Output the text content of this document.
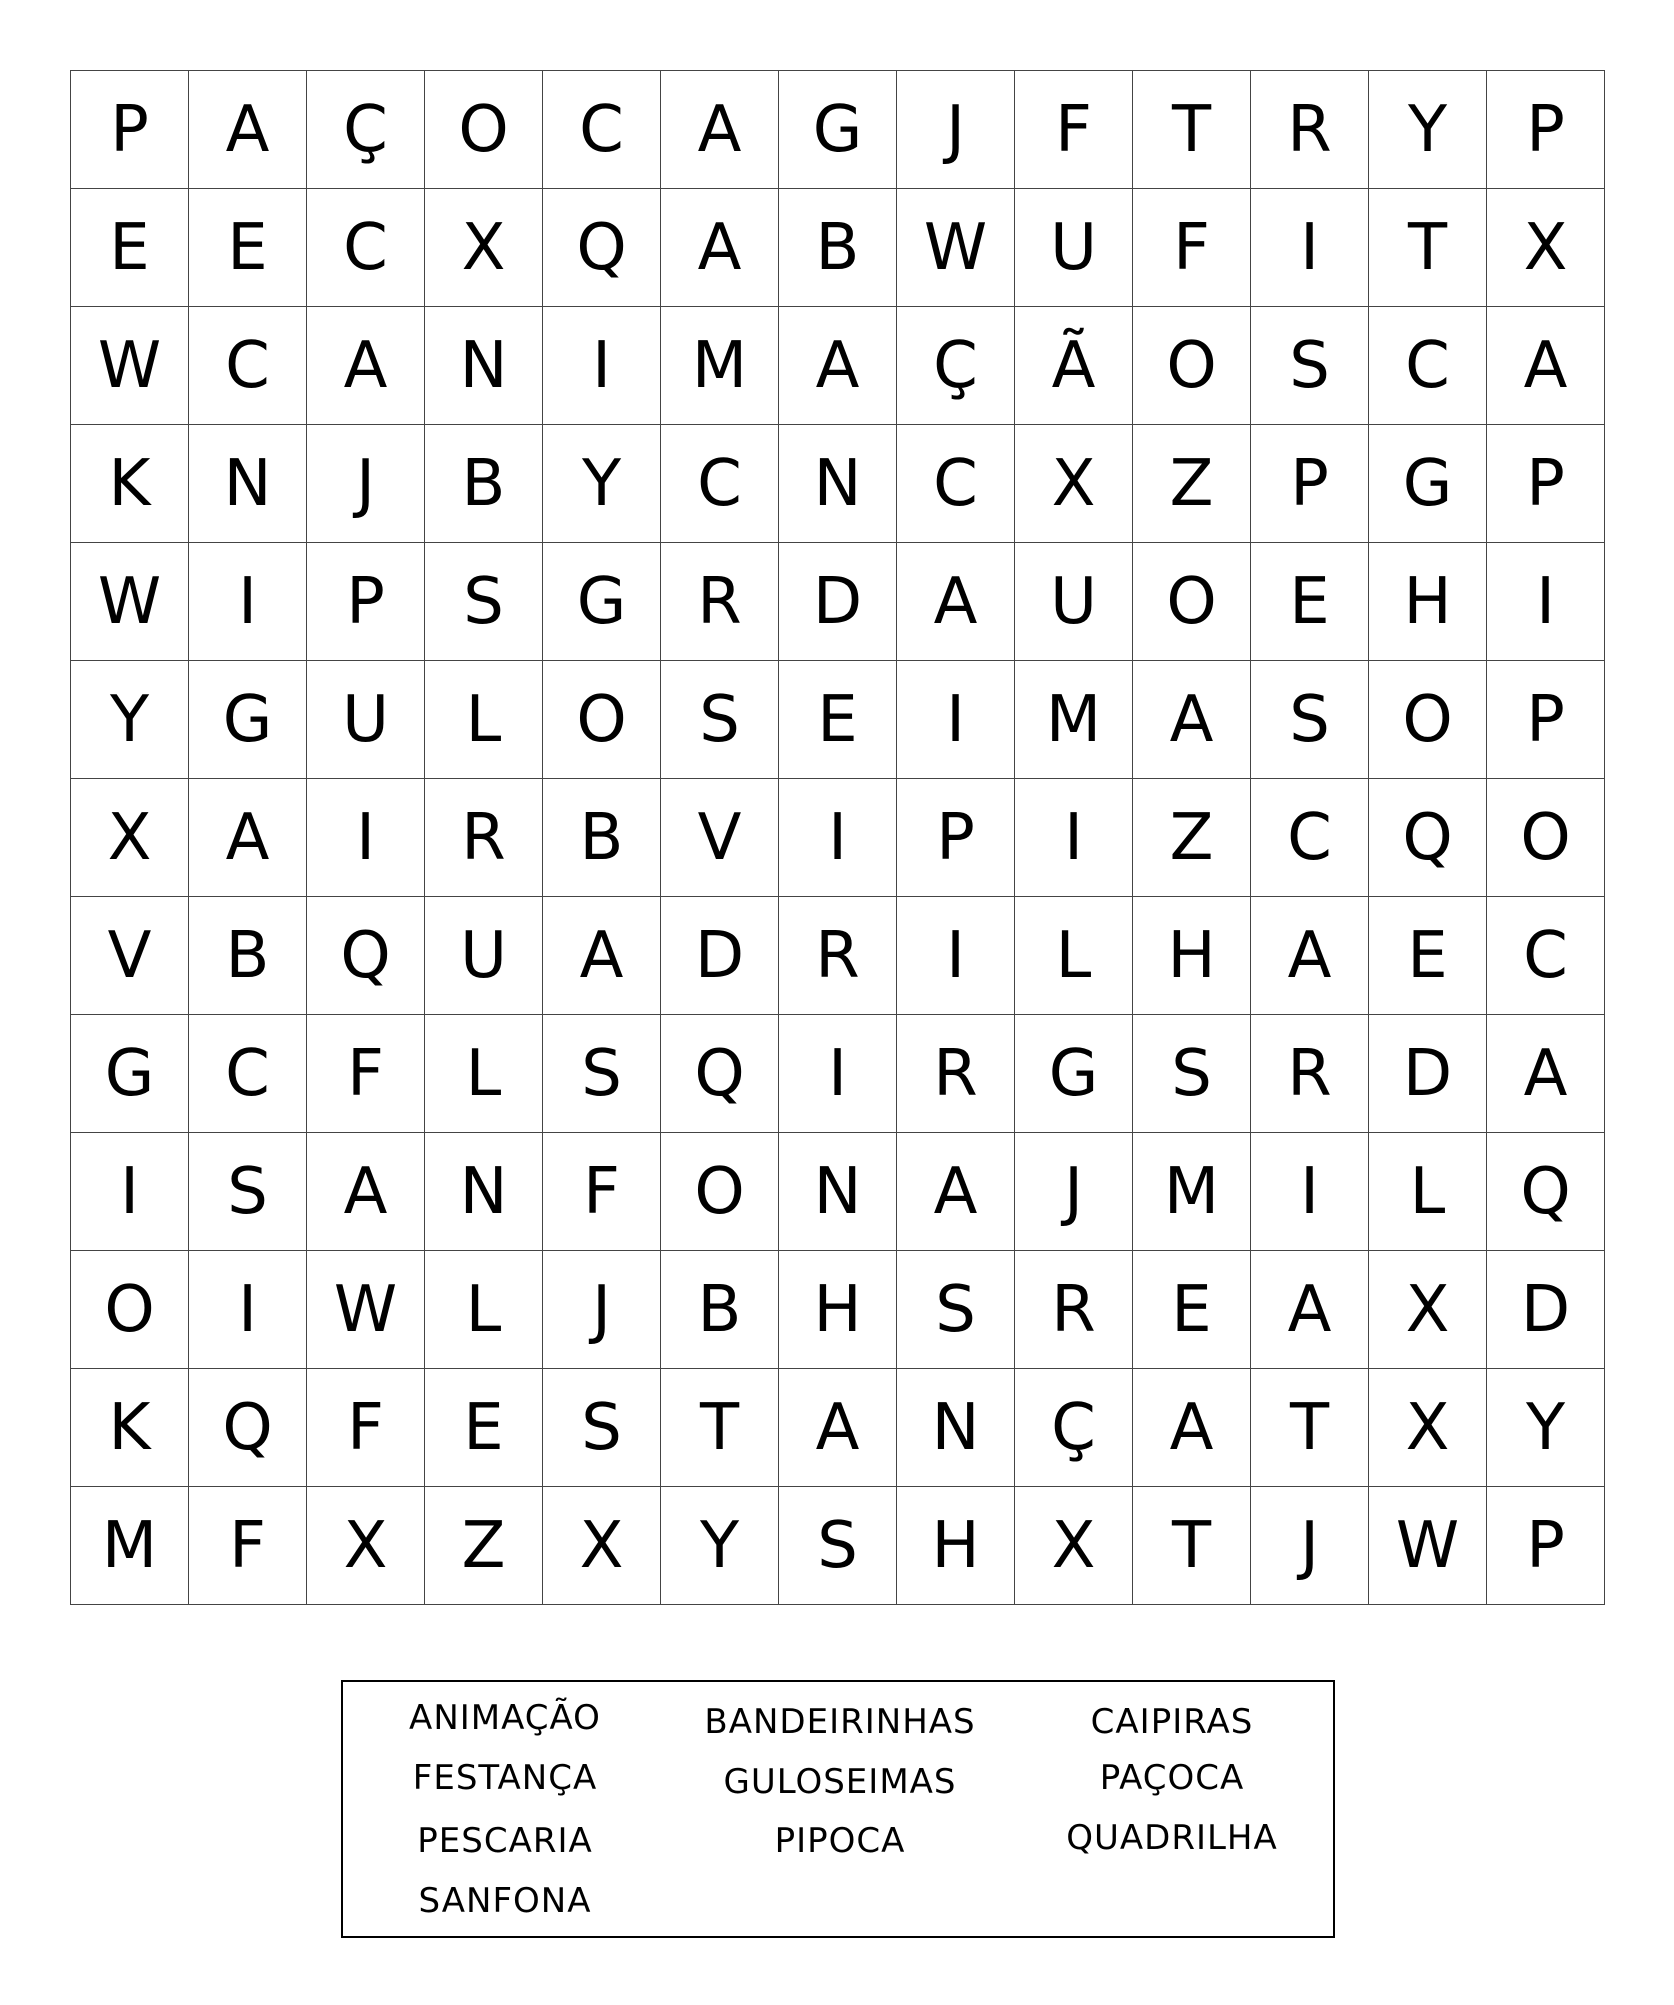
P	A	Ç	O	C	A	G	J	F	T	R	Y	P
E	E	C	X	Q	A	B	W	U	F	I	T	X
W	C	A	N	I	M	A	Ç	Ã	O	S	C	A
K	N	J	B	Y	C	N	C	X	Z	P	G	P
W	I	P	S	G	R	D	A	U	O	E	H	I
Y	G	U	L	O	S	E	I	M	A	S	O	P
X	A	I	R	B	V	I	P	I	Z	C	Q	O
V	B	Q	U	A	D	R	I	L	H	A	E	C
G	C	F	L	S	Q	I	R	G	S	R	D	A
I	S	A	N	F	O	N	A	J	M	I	L	Q
O	I	W	L	J	B	H	S	R	E	A	X	D
K	Q	F	E	S	T	A	N	Ç	A	T	X	Y
M	F	X	Z	X	Y	S	H	X	T	J	W	P
ANIMAÇÃO	BANDEIRINHAS	CAIPIRAS
FESTANÇA	GULOSEIMAS	PAÇOCA
PESCARIA	PIPOCA	QUADRILHA
SANFONA
